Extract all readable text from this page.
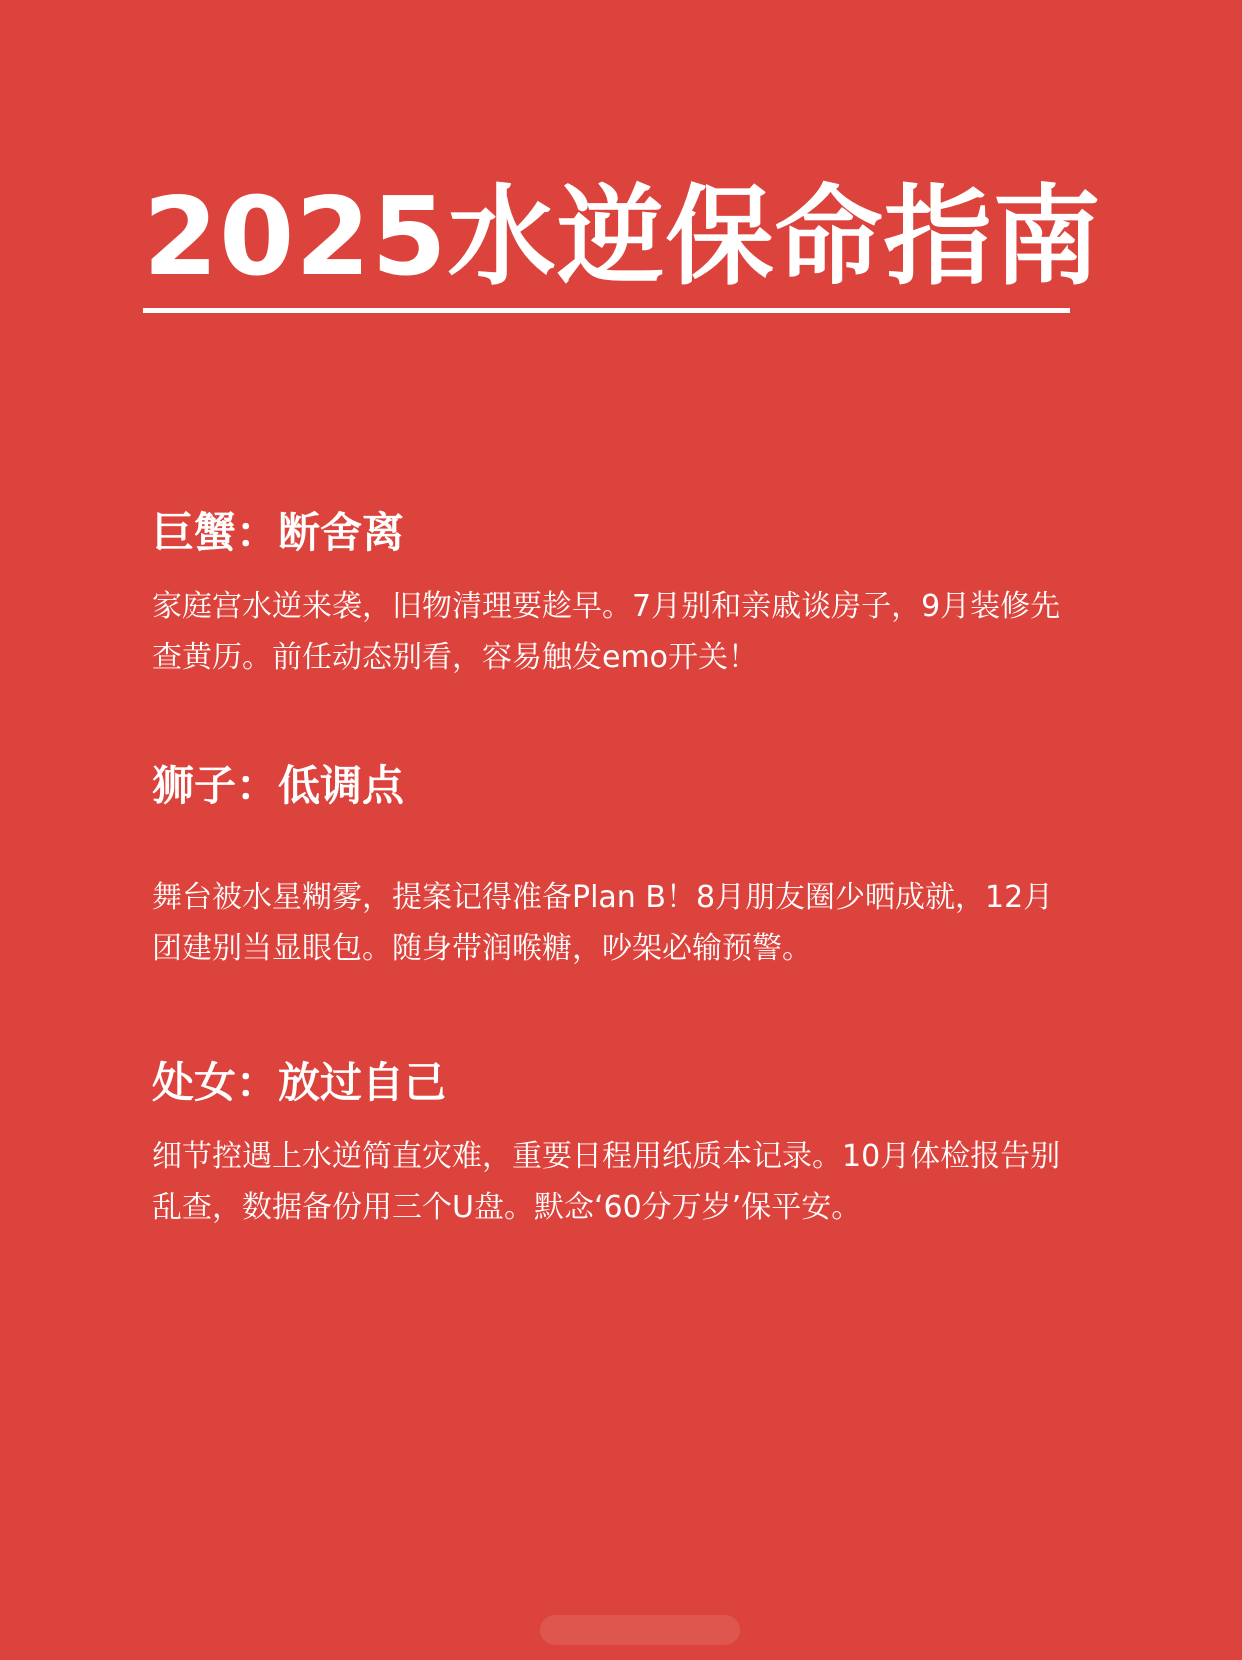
2025水逆保命指南
巨蟹：断舍离

家庭宫水逆来袭，旧物清理要趁早。7月别和亲戚谈房子，9月装修先查黄历。前任动态别看，容易触发emo开关！

狮子：低调点

舞台被水星糊雾，提案记得准备Plan B！8月朋友圈少晒成就，12月团建别当显眼包。随身带润喉糖，吵架必输预警。

处女：放过自己

细节控遇上水逆简直灾难，重要日程用纸质本记录。10月体检报告别乱查，数据备份用三个U盘。默念‘60分万岁’保平安。
